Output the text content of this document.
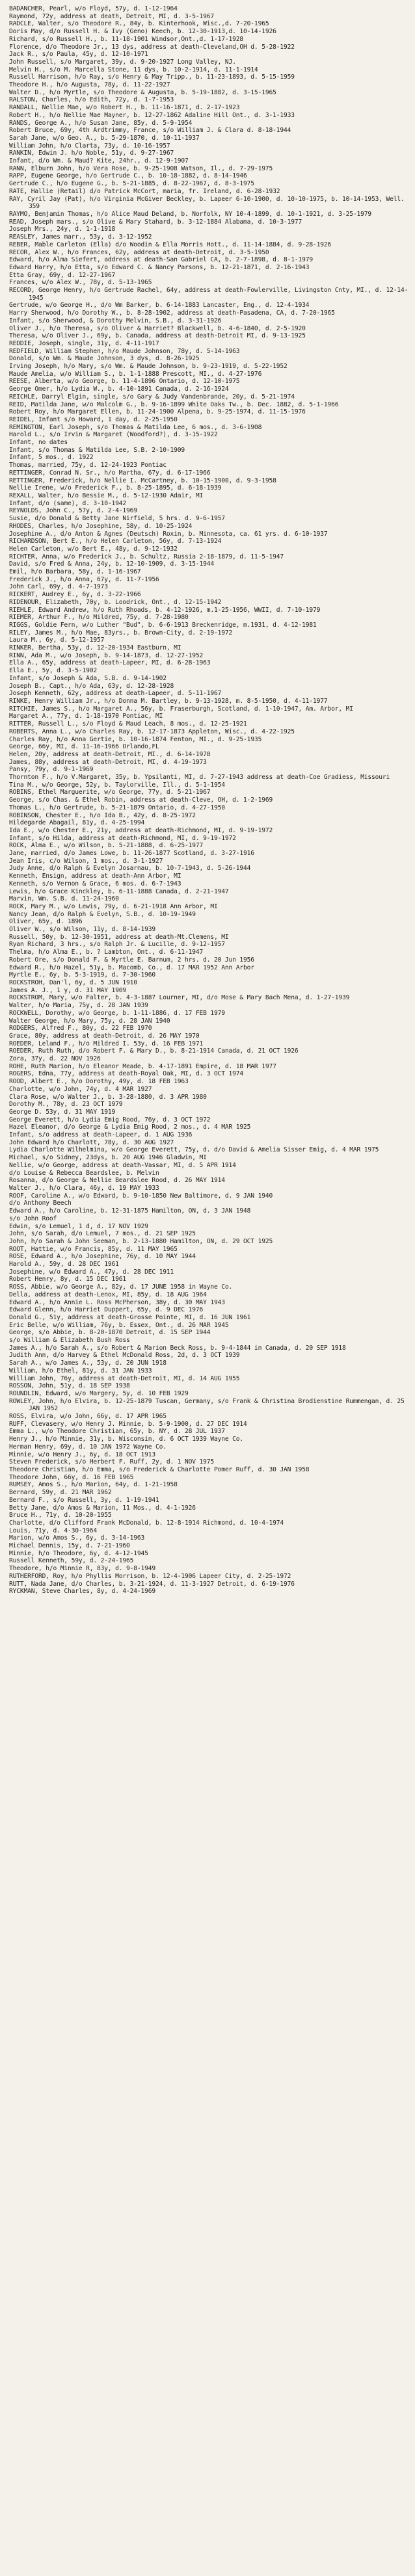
BADANCHER, Pearl, w/o Floyd, 57y, d. 1-12-1964

Raymond, 72y, address at death, Detroit, MI, d. 3-5-1967

RADCLE, Walter, s/o Theodore R., 84y, b. Kinterhook, Wisc.,d. 7-20-1965

Doris May, d/o Russell H. & Ivy (Geno) Keech, b. 12-30-1913,d. 10-14-1926

Richard, s/o Russell H., b. 11-18-1901 Windsor,Ont.,d. 1-17-1928

Florence, d/o Theodore Jr., 13 dys, address at death-Cleveland,OH d. 5-28-1922

Jack R., s/o Paula, 45y, d. 12-10-1971

John Russell, s/o Margaret, 39y, d. 9-20-1927 Long Valley, NJ.

Melvin H., s/o M. Marcella Stone, 11 dys, b. 10-2-1914, d. 11-1-1914

Russell Harrison, h/o Ray, s/o Henry & May Tripp., b. 11-23-1893, d. 5-15-1959

Theodore H., h/o Augusta, 78y, d. 11-22-1927

Walter D., h/o Myrtle, s/o Theodore & Augusta, b. 5-19-1882, d. 3-15-1965

RALSTON, Charles, h/o Edith, 72y, d. 1-7-1953

RANDALL, Nellie Mae, w/o Robert H., b. 11-16-1871, d. 2-17-1923

Robert H., h/o Nellie Mae Mayner, b. 12-27-1862 Adaline Hill Ont., d. 3-1-1933

RANDS, George A., h/o Susan Jane, 85y, d. 5-9-1954

Robert Bruce, 69y, 4th Ardtrimmy, France, s/o William J. & Clara d. 8-18-1944

Sarah Jane, w/o Geo. A., b. 5-29-1870, d. 10-11-1937

William John, h/o Clarta, 73y, d. 10-16-1957

RANKIN, Edwin J. h/o Noble, 51y, d. 9-27-1967

Infant, d/o Wm. & Maud? Kite, 24hr., d. 12-9-1907

RANN, Elburn John, h/o Vera Rose, b. 9-25-1908 Watson, Il., d. 7-29-1975

RAPP, Eugene George, h/o Gertrude C., b. 10-18-1882, d. 8-14-1946

Gertrude C., h/o Eugene G., b. 5-21-1885, d. 8-22-1967, d. 8-3-1975

RATE, Hallie (Retail) d/o Patrick McCort, maria, fr. Ireland, d. 6-28-1932

RAY, Cyril Jay (Pat), h/o Virginia McGiver Beckley, b. Lapeer 6-10-1900, d. 10-10-1975, b. 10-14-1953, Well. 359

RAYMO, Benjamin Thomas, h/o Alice Maud Deland, b. Norfolk, NY 10-4-1899, d. 10-1-1921, d. 3-25-1979

READ, Joseph mars., s/o Olive & Mary Stahard, b. 3-12-1884 Alabama, d. 10-3-1977

Joseph Mrs., 24y, d. 1-1-1918

REASLEY, James marr., 53y, d. 3-12-1952

REBER, Mable Carleton (Ella) d/o Woodin & Ella Morris Hott., d. 11-14-1884, d. 9-28-1926

RECOR, Alex W., h/o Frances, 62y, address at death-Detroit, d. 3-5-1950

Edward, h/o Alma Siefert, address at death-San Gabriel CA, b. 2-7-1898, d. 8-1-1979

Edward Harry, h/o Etta, s/o Edward C. & Nancy Parsons, b. 12-21-1871, d. 2-16-1943

Etta Gray, 69y, d. 12-27-1967

Frances, w/o Alex W., 78y, d. 5-13-1965

RECORD, George Henry, h/o Gertrude Rachel, 64y, address at death-Fowlerville, Livingston Cnty, MI., d. 12-14-1945

Gertrude, w/o George H., d/o Wm Barker, b. 6-14-1883 Lancaster, Eng., d. 12-4-1934

Harry Sherwood, h/o Dorothy W., b. 8-28-1902, address at death-Pasadena, CA, d. 7-20-1965

Infant, s/o Sherwood, & Dorothy Melvin, S.B., d. 3-31-1926

Oliver J., h/o Theresa, s/o Oliver & Harriet? Blackwell, b. 4-6-1840, d. 2-5-1920

Theresa, w/o Oliver J., 69y, b. Canada, address at death-Detroit MI, d. 9-13-1925

REDDIE, Joseph, single, 31y, d. 4-11-1917

REDFIELD, William Stephen, h/o Maude Johnson, 78y, d. 5-14-1963

Donald, s/o Wm. & Maude Johnson, 3 dys, d. 8-26-1925

Irving Joseph, h/o Mary, s/o Wm. & Maude Johnson, b. 9-23-1919, d. 5-22-1952

Maude Amelia, w/o William S., b. 1-1-1888 Prescott, MI., d. 4-27-1976

REESE, Alberta, w/o George, b. 11-4-1896 Ontario, d. 12-10-1975

George Omer, h/o Lydia W., b. 4-10-1891 Canada, d. 2-16-1924

REICHLE, Darryl Elgin, single, s/o Gary & Judy Vandenbrande, 20y, d. 5-21-1974

REID, Matilda Jane, w/o Malcolm G., b. 9-16-1899 White Oaks Tw., b. Dec. 1882, d. 5-1-1966

Robert Roy, h/o Margaret Ellen, b. 11-24-1900 Alpena, b. 9-25-1974, d. 11-15-1976

REIDEL, Infant s/o Howard, 1 day, d. 2-25-1950

REMINGTON, Earl Joseph, s/o Thomas & Matilda Lee, 6 mos., d. 3-6-1908

Harold L., s/o Irvin & Margaret (Woodford?), d. 3-15-1922

Infant, no dates

Infant, s/o Thomas & Matilda Lee, S.B. 2-10-1909

Infant, 5 mos., d. 1922

Thomas, married, 75y, d. 12-24-1923 Pontiac

RETTINGER, Conrad N. Sr., h/o Martha, 67y, d. 6-17-1966

RETTINGER, Frederick, h/o Nellie I. McCartney, b. 10-15-1900, d. 9-3-1958

Nellie Irene, w/o Frederick F., b. 8-25-1895, d. 6-18-1939

REXALL, Walter, h/o Bessie M., d. 5-12-1930 Adair, MI

Infant, d/o (same), d. 3-10-1942

REYNOLDS, John C., 57y, d. 2-4-1969

Susie, d/o Donald & Betty Jane Nirfield, 5 hrs. d. 9-6-1957

RHODES, Charles, h/o Josephine, 58y, d. 10-25-1924

Josephine A., d/o Anton & Agnes (Deutsch) Roxin, b. Minnesota, ca. 61 yrs. d. 6-10-1937

RICHARDSON, Bert E., h/o Helen Carleton, 56y, d. 7-13-1924

Helen Carleton, w/o Bert E., 48y, d. 9-12-1932

RICHTER, Anna, w/o Frederick J., b. Schultz, Russia 2-18-1879, d. 11-5-1947

David, s/o Fred & Anna, 24y, b. 12-10-1909, d. 3-15-1944

Emil, h/o Barbara, 58y, d. 1-16-1967

Frederick J., h/o Anna, 67y, d. 11-7-1956

John Carl, 69y, d. 4-7-1973

RICKERT, Audrey E., 6y, d. 3-22-1966

RIDENOUR, Elizabeth, 70y, b. Loodrick, Ont., d. 12-15-1942

RIEHLE, Edward Andrew, h/o Ruth Rhoads, b. 4-12-1926, m.1-25-1956, WWII, d. 7-10-1979

RIEMER, Arthur F., h/o Mildred, 75y, d. 7-28-1980

RIGGS, Goldie Fern, w/o Luther "Bud", b. 6-6-1913 Breckenridge, m.1931, d. 4-12-1981

RILEY, James M., h/o Mae, 83yrs., b. Brown-City, d. 2-19-1972

Laura M., 6y, d. 5-12-1957

RINKER, Bertha, 53y, d. 12-20-1934 Eastburn, MI

RINN, Ada M., w/o Joseph, b. 9-14-1873, d. 12-27-1952

Ella A., 65y, address at death-Lapeer, MI, d. 6-28-1963

Ella E., 5y, d. 3-5-1902

Infant, s/o Joseph & Ada, S.B. d. 9-14-1902

Joseph B., Capt., h/o Ada, 63y, d. 12-28-1928

Joseph Kenneth, 62y, address at death-Lapeer, d. 5-11-1967

RINKE, Henry William Jr., h/o Donna M. Bartley, b. 9-13-1928, m. 8-5-1950, d. 4-11-1977

RITCHIE, James S., h/o Margaret A., 56y, b. Fraserburgh, Scotland, d. 1-10-1947, Am. Arbor, MI

Margaret A., 77y, d. 1-18-1970 Pontiac, MI

RITTER, Russell L., s/o Floyd & Maud Leach, 8 mos., d. 12-25-1921

ROBERTS, Anna L., w/o Charles Ray, b. 12-17-1873 Appleton, Wisc., d. 4-22-1925

Charles Ray, h/o Anna Gertie, b. 10-16-1874 Fenton, MI., d. 9-25-1935

George, 66y, MI, d. 11-16-1966 Orlando,FL

Helen, 20y, address at death-Detroit, MI., d. 6-14-1978

James, 88y, address at death-Detroit, MI, d. 4-19-1973

Pansy, 79y, d. 9-1-1969

Thornton F., h/o V.Margaret, 35y, b. Ypsilanti, MI, d. 7-27-1943 address at death-Coe Gradiess, Missouri

Tina M., w/o George, 52y, b. Taylorville, Ill., d. 5-1-1954

ROBINS, Ethel Marguerite, w/o George, 77y, d. 5-21-1967

George, s/o Chas. & Ethel Robin, address at death-Cleve, OH, d. 1-2-1969

Thomas L., h/o Gertrude, b. 5-21-1879 Ontario, d. 4-27-1950

ROBINSON, Chester E., h/o Ida B., 42y, d. 8-25-1972

Hildegarde Abagail, 81y, d. 4-25-1994

Ida E., w/o Chester E., 21y, address at death-Richmond, MI, d. 9-19-1972

Infant, s/o Hilda, address at death-Richmond, MI, d. 9-19-1972

ROCK, Alma E., w/o Wilson, b. 5-21-1888, d. 6-25-1977

Jane, married, d/o James Lowe, b. 11-26-1877 Scotland, d. 3-27-1916

Jean Iris, c/o Wilson, 1 mos., d. 3-1-1927

Judy Anne, d/o Ralph & Evelyn Josarnau, b. 10-7-1943, d. 5-26-1944

Kenneth, Ensign, address at death-Ann Arbor, MI

Kenneth, s/o Vernon & Grace, 6 mos. d. 6-7-1943

Lewis, h/o Grace Kinckley, b. 6-11-1888 Canada, d. 2-21-1947

Marvin, Wm. S.B. d. 11-24-1960

ROCK, Mary M., w/o Lewis, 79y, d. 6-21-1918 Ann Arbor, MI

Nancy Jean, d/o Ralph & Evelyn, S.B., d. 10-19-1949

Oliver, 65y, d. 1896

Oliver W., s/o Wilson, 11y, d. 8-14-1939

Russell, 50y, b. 12-30-1951, address at death-Mt.Clemens, MI

Ryan Richard, 3 hrs., s/o Ralph Jr. & Lucille, d. 9-12-1957

Thelma, h/o Alma E., b. ? Lambton, Ont., d. 6-11-1947

Robert Ore, s/o Donald F. & Myrtle E. Barnum, 2 hrs. d. 20 Jun 1956

Edward R., h/o Hazel, 51y, b. Macomb, Co., d. 17 MAR 1952 Ann Arbor

Myrtle E., 6y, b. 5-3-1919, d. 7-30-1960

ROCKSTROH, Dan'l, 6y, d. 5 JUN 1910

James A. J., 1 y, d. 31 MAY 1909

ROCKSTROM, Mary, w/o Falter, b. 4-3-1887 Lourner, MI, d/o Mose & Mary Bach Mena, d. 1-27-1939

Walter, h/o Maria, 75y, d. 28 JAN 1939

ROCKWELL, Dorothy, w/o George, b. 1-11-1886, d. 17 FEB 1979

Walter George, h/o Mary, 75y, d. 28 JAN 1940

RODGERS, Alfred F., 80y, d. 22 FEB 1970

Grace, 80y, address at death-Detroit, d. 26 MAY 1970

ROEDER, Leland F., h/o Mildred I. 53y, d. 16 FEB 1971

ROEDER, Ruth Ruth, d/o Robert F. & Mary D., b. 8-21-1914 Canada, d. 21 OCT 1926

Zora, 37y, d. 22 NOV 1926

ROHE, Ruth Marion, h/o Eleanor Meade, b. 4-17-1891 Empire, d. 18 MAR 1977

ROGERS, Edna, 77y, address at death-Royal Oak, MI, d. 3 OCT 1974

ROOD, Albert E., h/o Dorothy, 49y, d. 18 FEB 1963

Charlotte, w/o John, 74y, d. 4 MAR 1927

Clara Rose, w/o Walter J., b. 3-28-1880, d. 3 APR 1980

Dorothy M., 78y, d. 23 OCT 1979

George D. 53y, d. 31 MAY 1919

George Everett, h/o Lydia Emig Rood, 76y, d. 3 OCT 1972

Hazel Eleanor, d/o George & Lydia Emig Rood, 2 mos., d. 4 MAR 1925

Infant, s/o address at death-Lapeer, d. 1 AUG 1936

John Edward h/o Charlott, 78y, d. 30 AUG 1927

Lydia Charlotte Wilhelmina, w/o George Everett, 75y, d. d/o David & Amelia Sisser Emig, d. 4 MAR 1975

Michael, s/o Sidney, 23dys, b. 20 AUG 1946 Gladwin, MI

Nellie, w/o George, address at death-Vassar, MI, d. 5 APR 1914

d/o Louise & Rebecca Beardslee, b. Melvin

Rosanna, d/o George & Nellie Beardslee Rood, d. 26 MAY 1914

Walter J., h/o Clara, 46y, d. 19 MAY 1933

ROOF, Caroline A., w/o Edward, b. 9-10-1850 New Baltimore, d. 9 JAN 1940

d/o Anthony Beech

Edward A., h/o Caroline, b. 12-31-1875 Hamilton, ON, d. 3 JAN 1948

s/o John Roof

Edwin, s/o Lemuel, 1 d, d. 17 NOV 1929

John, s/o Sarah, d/o Lemuel, 7 mos., d. 21 SEP 1925

John, h/o Sarah & John Seeman, b. 2-13-1880 Hamilton, ON, d. 29 OCT 1925

ROOT, Hattie, w/o Francis, 85y, d. 11 MAY 1965

ROSE, Edward A., h/o Josephine, 76y, d. 10 MAY 1944

Harold A., 59y, d. 28 DEC 1961

Josephine, w/o Edward A., 47y, d. 28 DEC 1911

Robert Henry, 8y, d. 15 DEC 1961

ROSS, Abbie, w/o George A., 82y, d. 17 JUNE 1958 in Wayne Co.

Della, address at death-Lenox, MI, 85y, d. 18 AUG 1964

Edward A., h/o Annie L. Ross McPherson, 38y, d. 30 MAY 1943

Edward Glenn, h/o Harriet Duppert, 65y, d. 9 DEC 1976

Donald G., 51y, address at death-Grosse Pointe, MI, d. 16 JUN 1961

Eric Belle, w/o William, 76y, b. Essex, Ont., d. 26 MAR 1945

George, s/o Abbie, b. 8-20-1870 Detroit, d. 15 SEP 1944

s/o William & Elizabeth Bush Ross

James A., h/o Sarah A., s/o Robert & Marion Beck Ross, b. 9-4-1844 in Canada, d. 20 SEP 1918

Judith Ann, d/o Harvey & Ethel McDonald Ross, 2d, d. 3 OCT 1939

Sarah A., w/o James A., 53y, d. 20 JUN 1918

William, h/o Ethel, 81y, d. 31 JAN 1933

William John, 76y, address at death-Detroit, MI, d. 14 AUG 1955

ROSSON, John, 51y, d. 18 SEP 1938

ROUNDLIN, Edward, w/o Margery, 5y, d. 10 FEB 1929

ROWLEY, John, h/o Elvira, b. 12-25-1879 Tuscan, Germany, s/o Frank & Christina Brodienstine Rummengan, d. 25 JAN 1952

ROSS, Elvira, w/o John, 66y, d. 17 APR 1965

RUFF, Clevasery, w/o Henry J. Minnie, b. 5-9-1900, d. 27 DEC 1914

Emma L., w/o Theodore Christian, 65y, b. NY, d. 28 JUL 1937

Henry J., h/o Minnie, 31y, b. Wisconsin, d. 6 OCT 1939 Wayne Co.

Herman Henry, 69y, d. 10 JAN 1972 Wayne Co.

Minnie, w/o Henry J., 6y, d. 18 OCT 1913

Steven Frederick, s/o Herbert F. Ruff, 2y, d. 1 NOV 1975

Theodore Christian, h/o Emma, s/o Frederick & Charlotte Pomer Ruff, d. 30 JAN 1958

Theodore John, 66y, d. 16 FEB 1965

RUMSEY, Amos S., h/o Marion, 64y, d. 1-21-1958

Bernard, 59y, d. 21 MAR 1962

Bernard F., s/o Russell, 3y, d. 1-19-1941

Betty Jane, d/o Amos & Marion, 11 Mos., d. 4-1-1926

Bruce H., 71y, d. 10-20-1955

Charlotte, d/o Clifford Frank McDonald, b. 12-8-1914 Richmond, d. 10-4-1974

Louis, 71y, d. 4-30-1964

Marion, w/o Amos S., 6y, d. 3-14-1963

Michael Dennis, 15y, d. 7-21-1960

Minnie, h/o Theodore, 6y, d. 4-12-1945

Russell Kenneth, 59y, d. 2-24-1965

Theodore, h/o Minnie R, 83y, d. 9-8-1949

RUTHERFORD, Roy, h/o Phyllis Morrison, b. 12-4-1906 Lapeer City, d. 2-25-1972

RUTT, Nada Jane, d/o Charles, b. 3-21-1924, d. 11-3-1927 Detroit, d. 6-19-1976

RYCKMAN, Steve Charles, 8y, d. 4-24-1969
